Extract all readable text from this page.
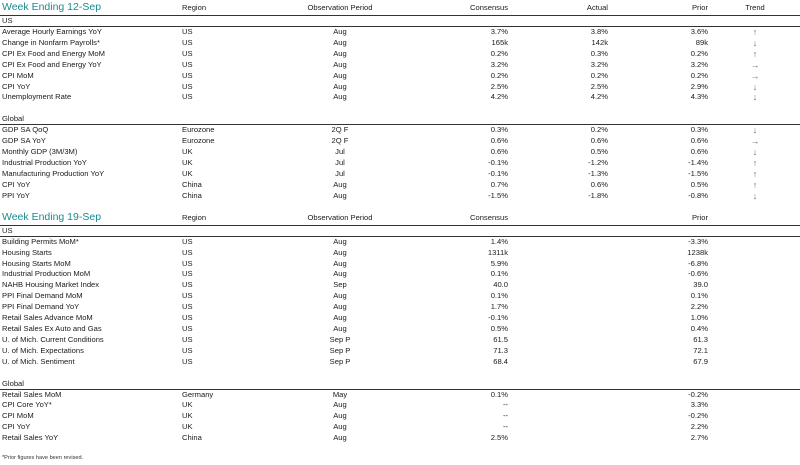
Week Ending 12-Sep	Region	Observation Period	Consensus	Actual	Prior	Trend
US						
Average Hourly Earnings YoY	US	Aug	3.7%	3.8%	3.6%	↑
Change in Nonfarm Payrolls*	US	Aug	165k	142k	89k	↓
CPI Ex Food and Energy MoM	US	Aug	0.2%	0.3%	0.2%	↑
CPI Ex Food and Energy YoY	US	Aug	3.2%	3.2%	3.2%	→
CPI MoM	US	Aug	0.2%	0.2%	0.2%	→
CPI YoY	US	Aug	2.5%	2.5%	2.9%	↓
Unemployment Rate	US	Aug	4.2%	4.2%	4.3%	↓

Global						
GDP SA QoQ	Eurozone	2Q F	0.3%	0.2%	0.3%	↓
GDP SA YoY	Eurozone	2Q F	0.6%	0.6%	0.6%	→
Monthly GDP (3M/3M)	UK	Jul	0.6%	0.5%	0.6%	↓
Industrial Production YoY	UK	Jul	-0.1%	-1.2%	-1.4%	↑
Manufacturing Production YoY	UK	Jul	-0.1%	-1.3%	-1.5%	↑
CPI YoY	China	Aug	0.7%	0.6%	0.5%	↑
PPI YoY	China	Aug	-1.5%	-1.8%	-0.8%	↓

Week Ending 19-Sep	Region	Observation Period	Consensus		Prior	
US						
Building Permits MoM*	US	Aug	1.4%		-3.3%	
Housing Starts	US	Aug	1311k		1238k	
Housing Starts MoM	US	Aug	5.9%		-6.8%	
Industrial Production MoM	US	Aug	0.1%		-0.6%	
NAHB Housing Market Index	US	Sep	40.0		39.0	
PPI Final Demand MoM	US	Aug	0.1%		0.1%	
PPI Final Demand YoY	US	Aug	1.7%		2.2%	
Retail Sales Advance MoM	US	Aug	-0.1%		1.0%	
Retail Sales Ex Auto and Gas	US	Aug	0.5%		0.4%	
U. of Mich. Current Conditions	US	Sep P	61.5		61.3	
U. of Mich. Expectations	US	Sep P	71.3		72.1	
U. of Mich. Sentiment	US	Sep P	68.4		67.9	

Global						
Retail Sales MoM	Germany	May	0.1%		-0.2%	
CPI Core YoY*	UK	Aug	--		3.3%	
CPI MoM	UK	Aug	--		-0.2%	
CPI YoY	UK	Aug	--		2.2%	
Retail Sales YoY	China	Aug	2.5%		2.7%	
*Prior figures have been revised.
